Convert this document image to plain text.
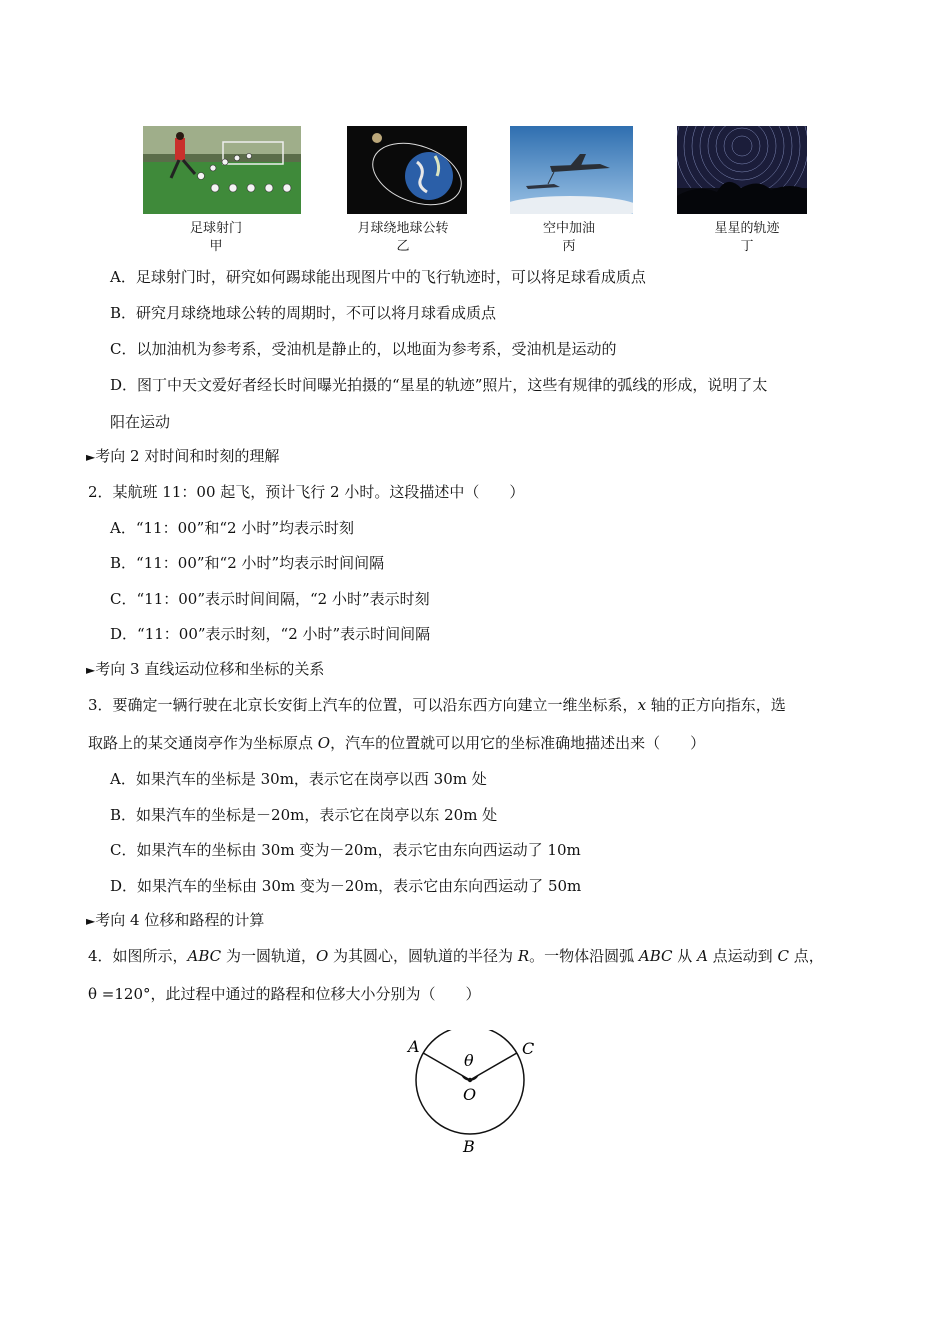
足球射门
甲
月球绕地球公转
乙
空中加油
丙
星星的轨迹
丁
A．足球射门时，研究如何踢球能出现图片中的飞行轨迹时，可以将足球看成质点
B．研究月球绕地球公转的周期时，不可以将月球看成质点
C．以加油机为参考系，受油机是静止的，以地面为参考系，受油机是运动的
D．图丁中天文爱好者经长时间曝光拍摄的“星星的轨迹”照片，这些有规律的弧线的形成，说明了太
阳在运动
►考向 2 对时间和时刻的理解
2．某航班 11：00 起飞，预计飞行 2 小时。这段描述中（　　）
A．“11：00”和“2 小时”均表示时刻
B．“11：00”和“2 小时”均表示时间间隔
C．“11：00”表示时间间隔，“2 小时”表示时刻
D．“11：00”表示时刻，“2 小时”表示时间间隔
►考向 3 直线运动位移和坐标的关系
3．要确定一辆行驶在北京长安街上汽车的位置，可以沿东西方向建立一维坐标系，x 轴的正方向指东，选
取路上的某交通岗亭作为坐标原点 O，汽车的位置就可以用它的坐标准确地描述出来（　　）
A．如果汽车的坐标是 30m，表示它在岗亭以西 30m 处
B．如果汽车的坐标是－20m，表示它在岗亭以东 20m 处
C．如果汽车的坐标由 30m 变为－20m，表示它由东向西运动了 10m
D．如果汽车的坐标由 30m 变为－20m，表示它由东向西运动了 50m
►考向 4 位移和路程的计算
4．如图所示，ABC 为一圆轨道，O 为其圆心，圆轨道的半径为 R。一物体沿圆弧 ABC 从 A 点运动到 C 点，
θ =120°，此过程中通过的路程和位移大小分别为（　　）
A	C
θ
O
B
